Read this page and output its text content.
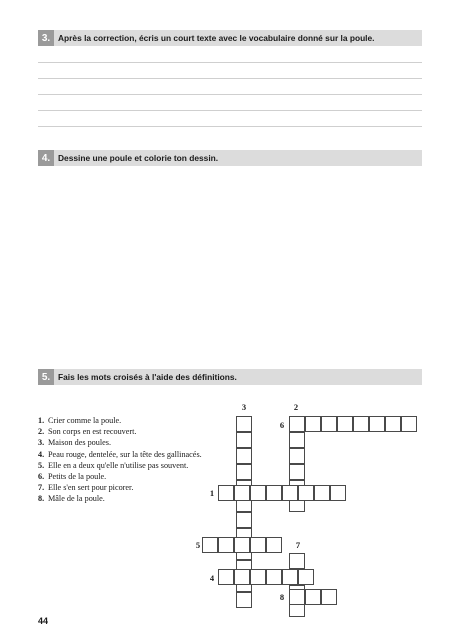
3. Après la correction, écris un court texte avec le vocabulaire donné sur la poule.
4. Dessine une poule et colorie ton dessin.
5. Fais les mots croisés à l'aide des définitions.
1. Crier comme la poule.
2. Son corps en est recouvert.
3. Maison des poules.
4. Peau rouge, dentelée, sur la tête des gallinacés.
5. Elle en a deux qu'elle n'utilise pas souvent.
6. Petits de la poule.
7. Elle s'en sert pour picorer.
8. Mâle de la poule.
3	2
6
1
5	7
4
8
44
